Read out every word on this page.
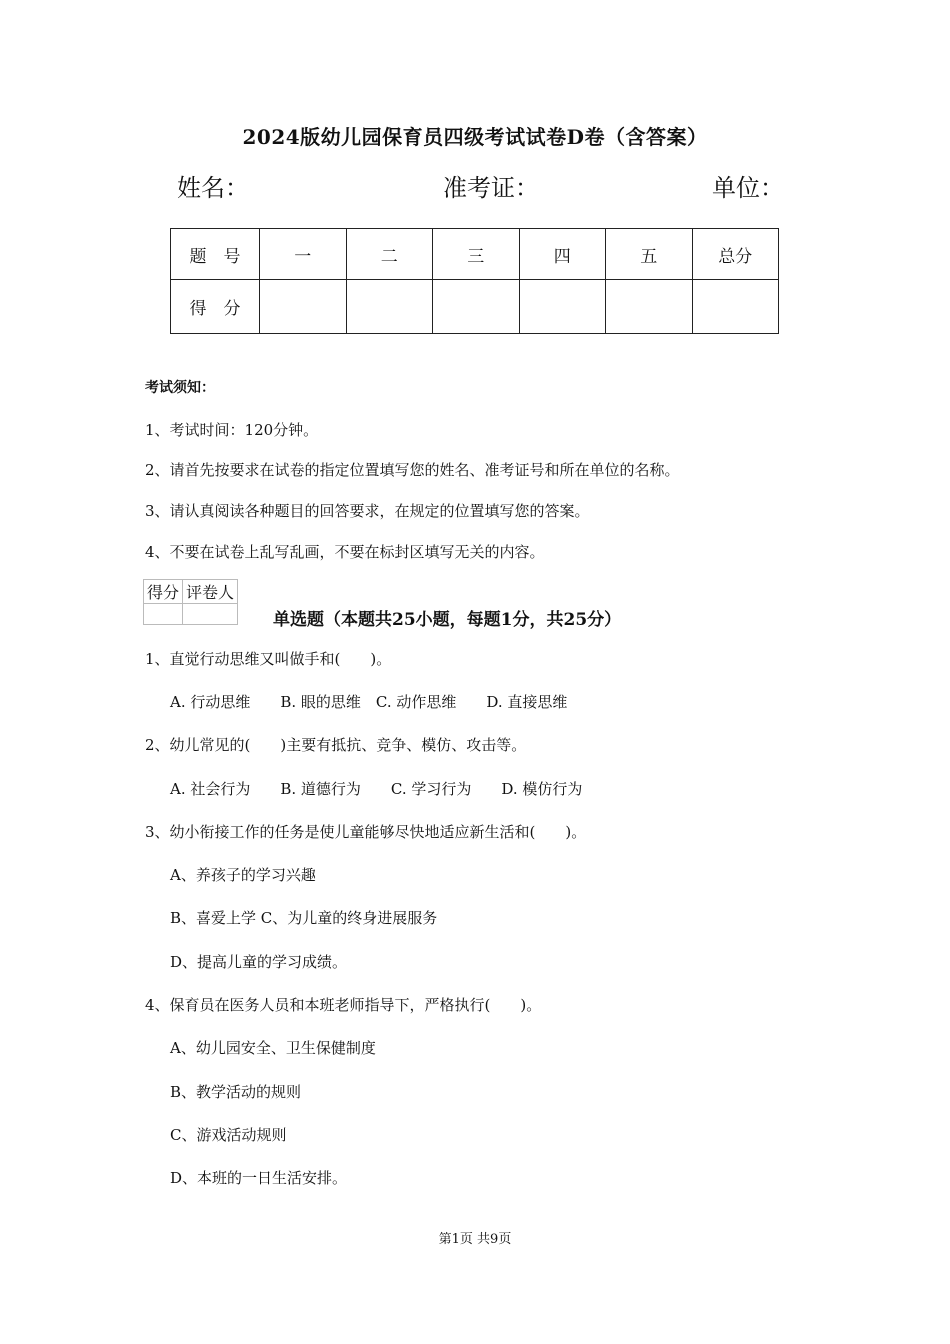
2024版幼儿园保育员四级考试试卷D卷（含答案）
姓名：	准考证：	单位：
题　号	一	二	三	四	五	总分
得　分						
考试须知：
1、考试时间：120分钟。
2、请首先按要求在试卷的指定位置填写您的姓名、准考证号和所在单位的名称。
3、请认真阅读各种题目的回答要求，在规定的位置填写您的答案。
4、不要在试卷上乱写乱画，不要在标封区填写无关的内容。
得分	评卷人

单选题（本题共25小题，每题1分，共25分）
1、直觉行动思维又叫做手和(　　)。
A. 行动思维　　B. 眼的思维　C. 动作思维　　D. 直接思维
2、幼儿常见的(　　)主要有抵抗、竞争、模仿、攻击等。
A. 社会行为　　B. 道德行为　　C. 学习行为　　D. 模仿行为
3、幼小衔接工作的任务是使儿童能够尽快地适应新生活和(　　)。
A、养孩子的学习兴趣
B、喜爱上学 C、为儿童的终身进展服务
D、提高儿童的学习成绩。
4、保育员在医务人员和本班老师指导下，严格执行(　　)。
A、幼儿园安全、卫生保健制度
B、教学活动的规则
C、游戏活动规则
D、本班的一日生活安排。
第1页 共9页
